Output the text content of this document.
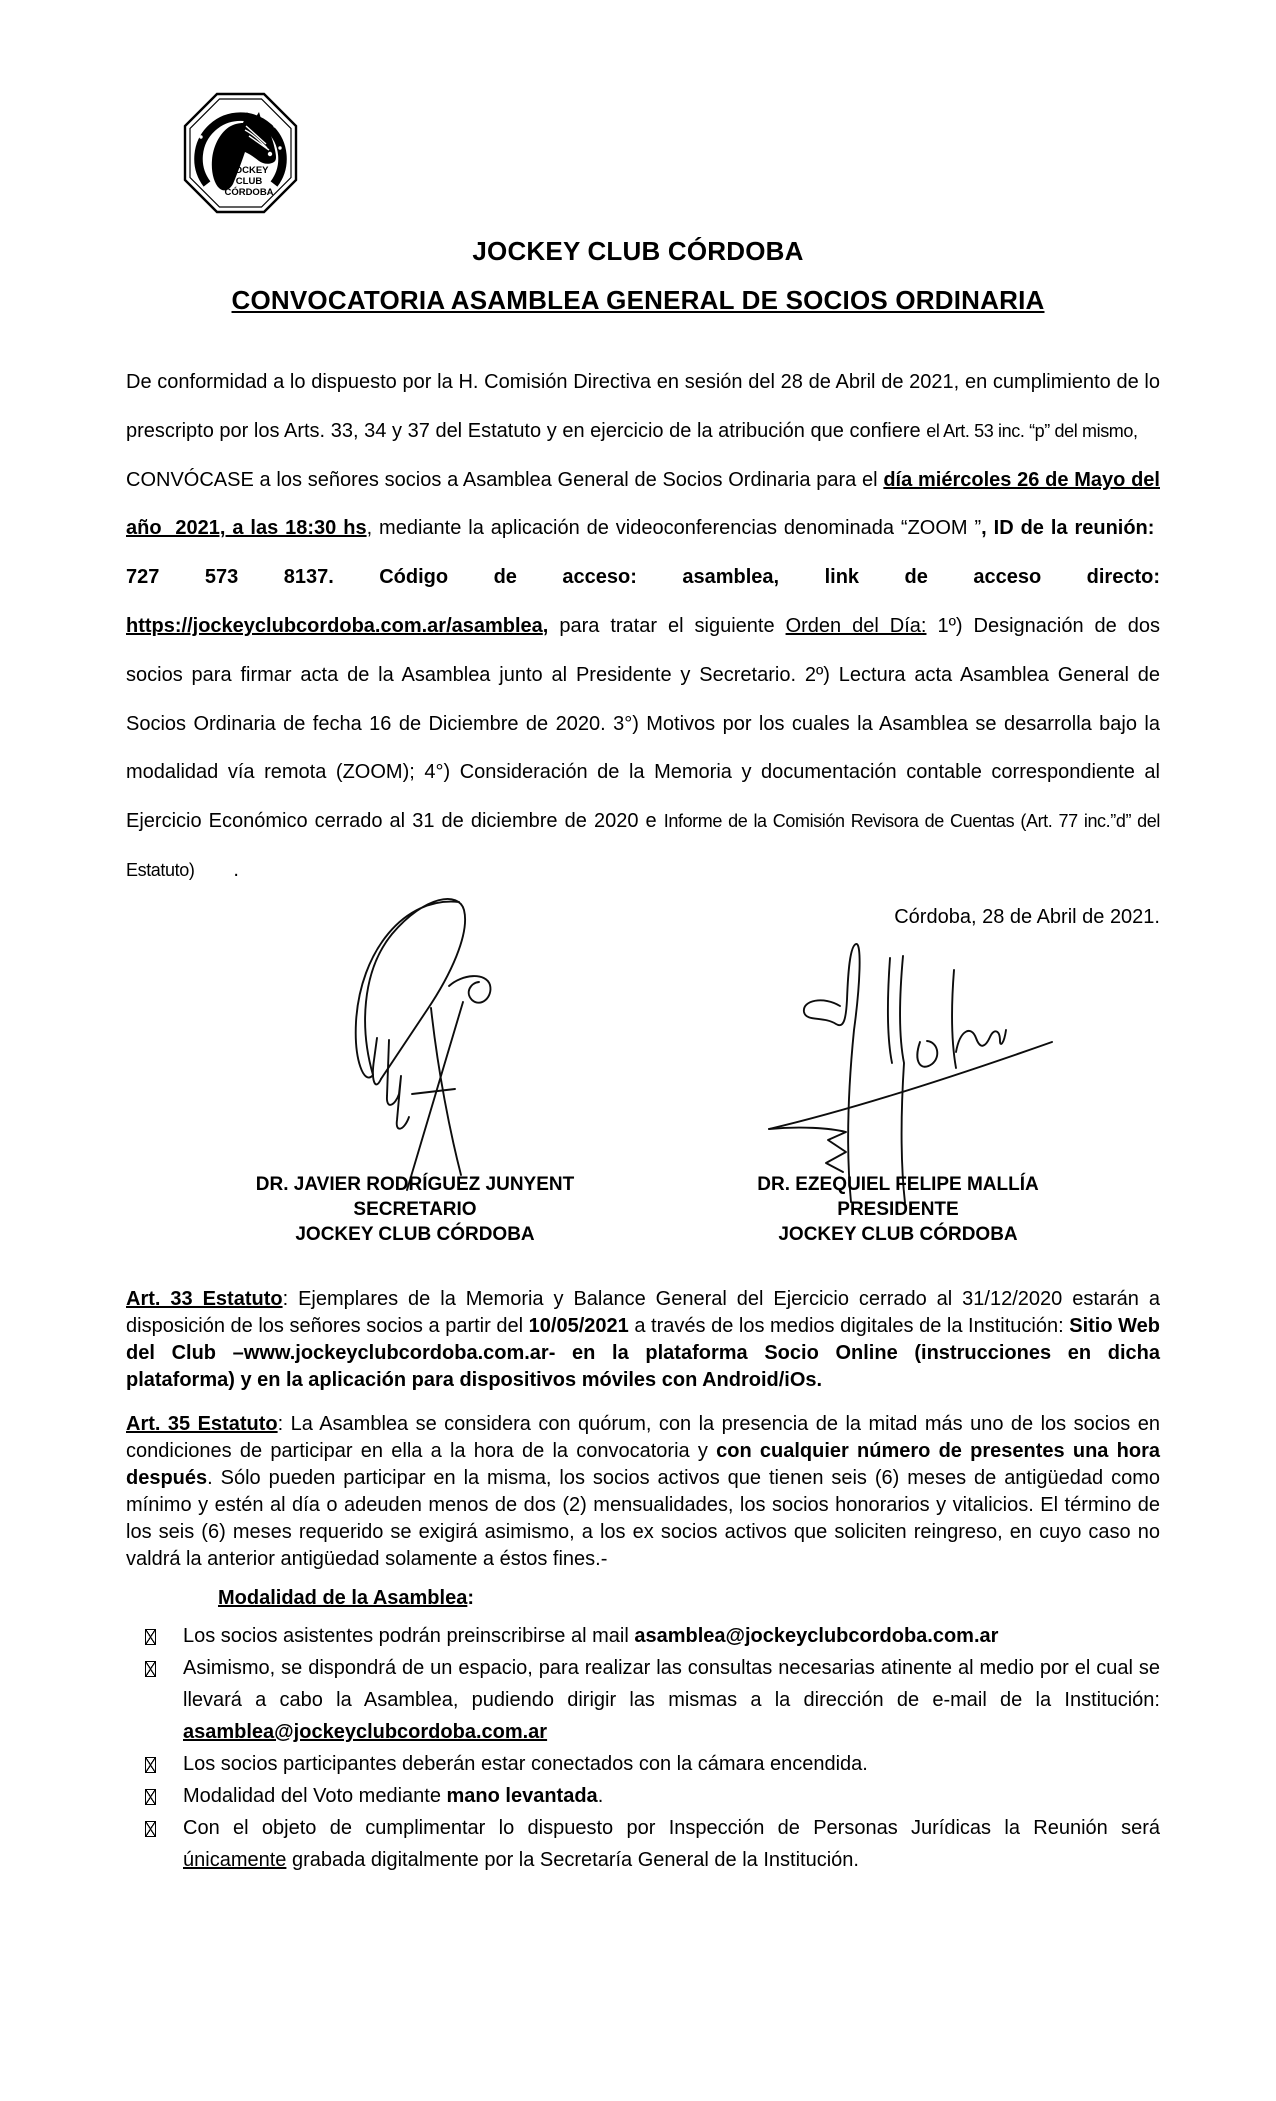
JOCKEY
CLUB
CÓRDOBA
JOCKEY CLUB CÓRDOBA
CONVOCATORIA ASAMBLEA GENERAL DE SOCIOS ORDINARIA
De conformidad a lo dispuesto por la H. Comisión Directiva en sesión del 28 de Abril de 2021, en cumplimiento de lo prescripto por los Arts. 33, 34 y 37 del Estatuto y en ejercicio de la atribución que confiere el Art. 53 inc. “p” del mismo,     CONVÓCASE a los señores socios a Asamblea General de Socios Ordinaria para el día miércoles 26 de Mayo del año  2021, a las 18:30 hs, mediante la aplicación de videoconferencias denominada “ZOOM ”, ID de la reunión:  727 573 8137. Código de acceso: asamblea, link de acceso directo: https://jockeyclubcordoba.com.ar/asamblea, para tratar el siguiente Orden del Día: 1º) Designación de dos socios para firmar acta de la Asamblea junto al Presidente y Secretario. 2º) Lectura acta Asamblea General de Socios Ordinaria de fecha 16 de Diciembre de 2020. 3°) Motivos por los cuales la Asamblea se desarrolla bajo la modalidad vía remota (ZOOM); 4°) Consideración de la Memoria y documentación contable correspondiente al Ejercicio Económico cerrado al 31 de diciembre de 2020 e Informe de la Comisión Revisora de Cuentas (Art. 77 inc.”d” del Estatuto)       .
Córdoba, 28 de Abril de 2021.
DR. JAVIER RODRÍGUEZ JUNYENT
SECRETARIO
JOCKEY CLUB CÓRDOBA
DR. EZEQUIEL FELIPE MALLÍA
PRESIDENTE
JOCKEY CLUB CÓRDOBA
Art. 33 Estatuto: Ejemplares de la Memoria y Balance General del Ejercicio cerrado al 31/12/2020 estarán a disposición de los señores socios a partir del 10/05/2021 a través de los medios digitales de la Institución: Sitio Web del Club –www.jockeyclubcordoba.com.ar- en la plataforma Socio Online (instrucciones en dicha plataforma) y en la aplicación para dispositivos móviles con Android/iOs.
Art. 35 Estatuto: La Asamblea se considera con quórum, con la presencia de la mitad más uno de los socios en condiciones de participar en ella a la hora de la convocatoria y con cualquier número de presentes una hora después. Sólo pueden participar en la misma, los socios activos que tienen seis (6) meses de antigüedad como mínimo y estén al día o adeuden menos de dos (2) mensualidades, los socios honorarios y vitalicios. El término de los seis (6) meses requerido se exigirá asimismo, a los ex socios activos que soliciten reingreso, en cuyo caso no valdrá la anterior antigüedad solamente a éstos fines.-
Modalidad de la Asamblea:
Los socios asistentes podrán preinscribirse al mail asamblea@jockeyclubcordoba.com.ar
Asimismo, se dispondrá de un espacio, para realizar las consultas necesarias atinente al medio por el cual se llevará a cabo la Asamblea, pudiendo dirigir las mismas a la dirección de e-mail de la Institución: asamblea@jockeyclubcordoba.com.ar
Los socios participantes deberán estar conectados con la cámara encendida.
Modalidad del Voto mediante mano levantada.
Con el objeto de cumplimentar lo dispuesto por Inspección de Personas Jurídicas la Reunión será únicamente grabada digitalmente por la Secretaría General de la Institución.
